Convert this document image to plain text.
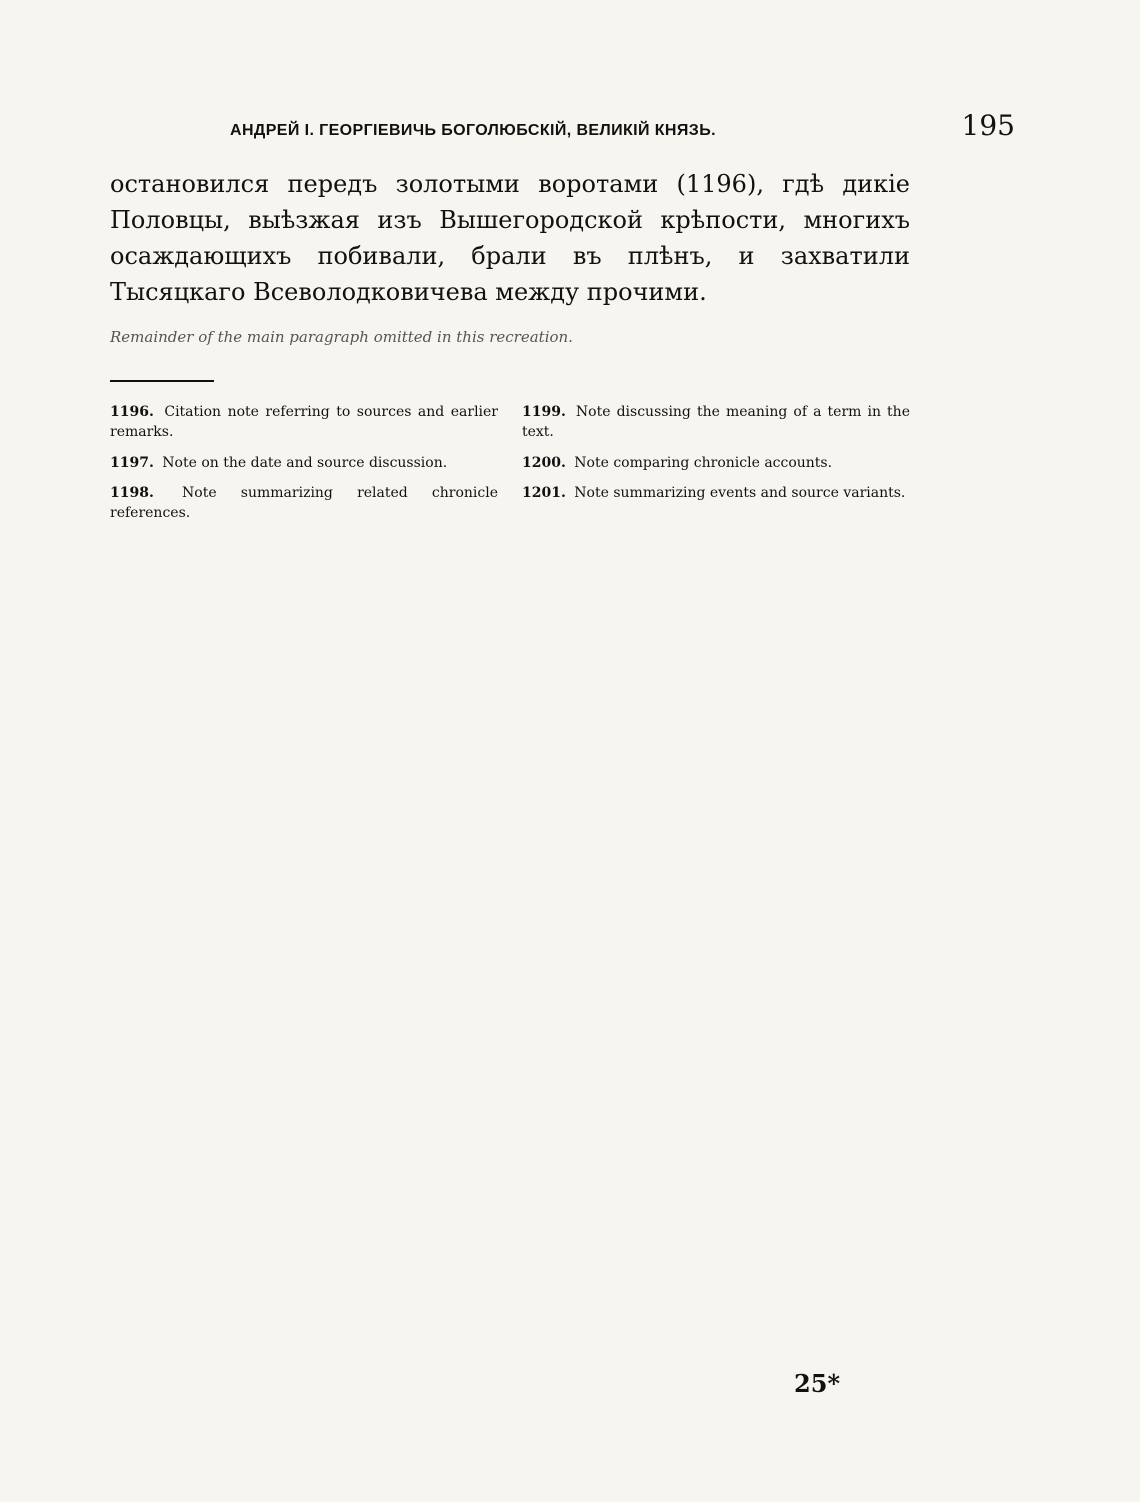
АНДРЕЙ I. ГЕОРГІЕВИЧЬ БОГОЛЮБСКІЙ, ВЕЛИКІЙ КНЯЗЬ.	195

остановился передъ золотыми воротами (1196), гдѣ дикіе Половцы, выѣзжая изъ Вышегородской крѣпости, многихъ осаждающихъ побивали, брали въ плѣнъ, и захватили Тысяцкаго Всеволодковичева между прочими.

Remainder of the main paragraph omitted in this recreation.
1196. Citation note referring to sources and earlier remarks.
1197. Note on the date and source discussion.
1198. Note summarizing related chronicle references.
1199. Note discussing the meaning of a term in the text.
1200. Note comparing chronicle accounts.
1201. Note summarizing events and source variants.
25*
